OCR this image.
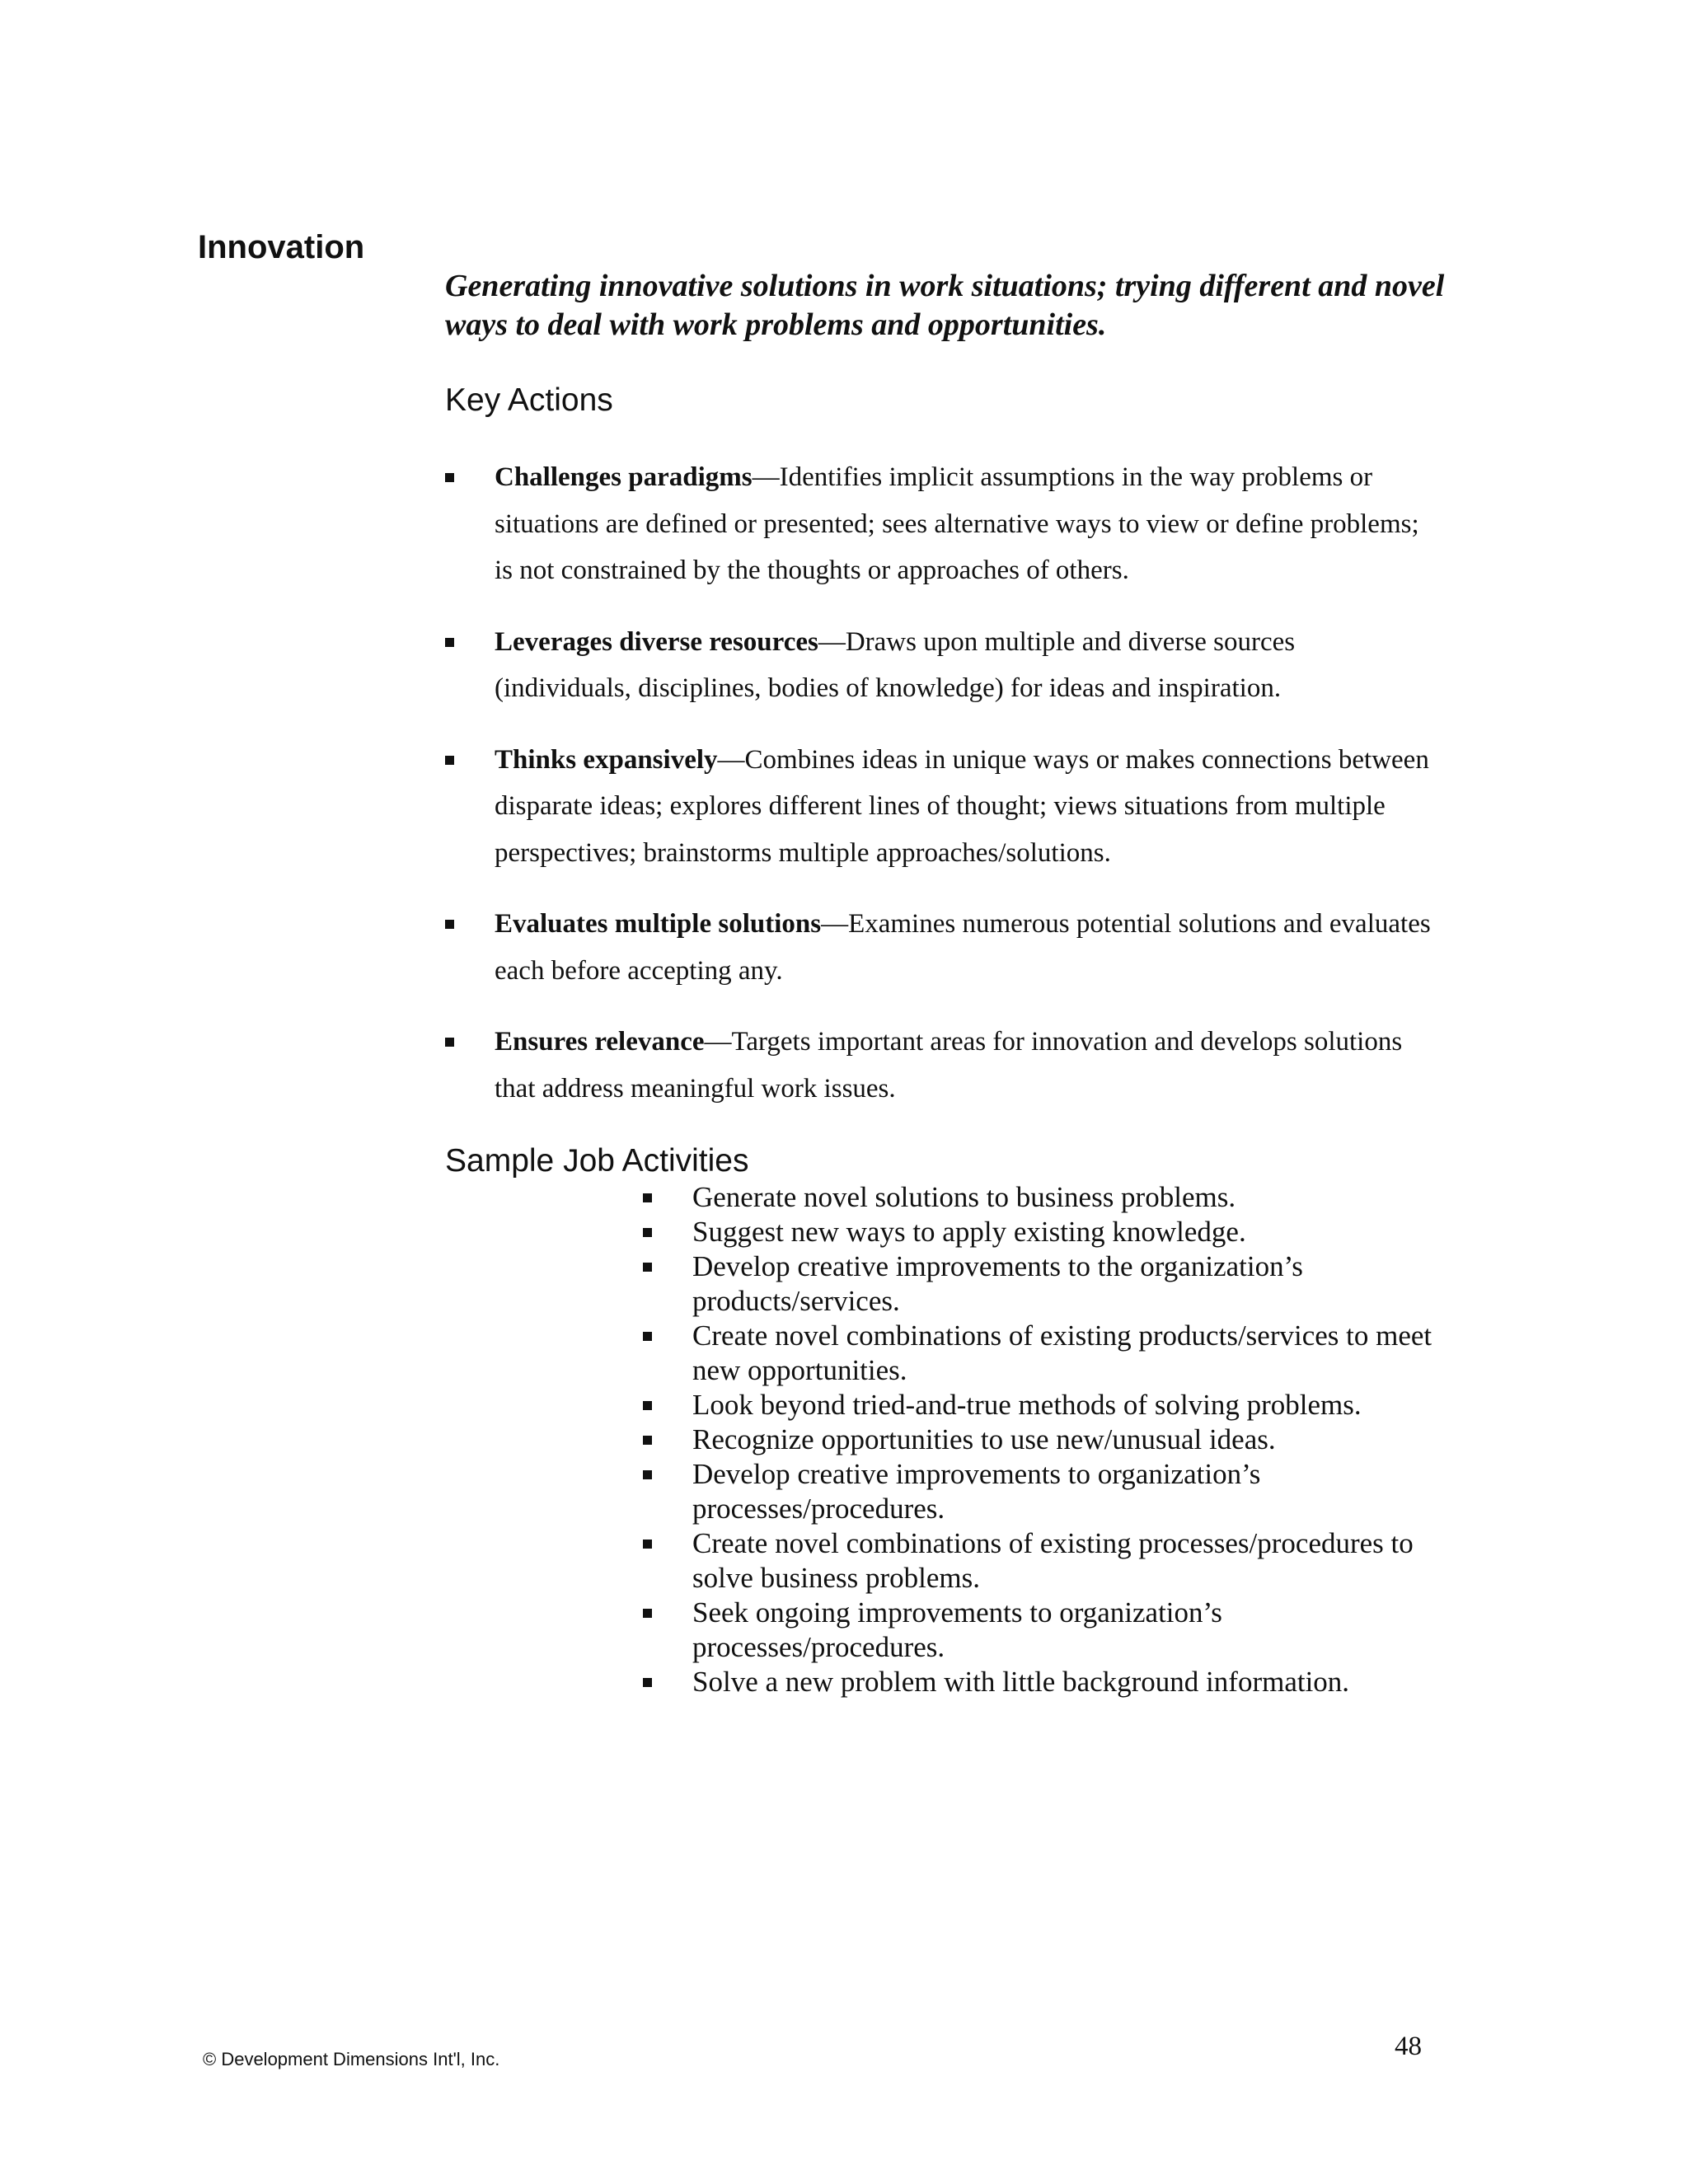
Innovation

Generating innovative solutions in work situations; trying different and novel ways to deal with work problems and opportunities.

Key Actions
Challenges paradigms—Identifies implicit assumptions in the way problems or situations are defined or presented; sees alternative ways to view or define problems; is not constrained by the thoughts or approaches of others.
Leverages diverse resources—Draws upon multiple and diverse sources (individuals, disciplines, bodies of knowledge) for ideas and inspiration.
Thinks expansively—Combines ideas in unique ways or makes connections between disparate ideas; explores different lines of thought; views situations from multiple perspectives; brainstorms multiple approaches/solutions.
Evaluates multiple solutions—Examines numerous potential solutions and evaluates each before accepting any.
Ensures relevance—Targets important areas for innovation and develops solutions that address meaningful work issues.
Sample Job Activities
Generate novel solutions to business problems.
Suggest new ways to apply existing knowledge.
Develop creative improvements to the organization’s products/services.
Create novel combinations of existing products/services to meet new opportunities.
Look beyond tried-and-true methods of solving problems.
Recognize opportunities to use new/unusual ideas.
Develop creative improvements to organization’s processes/procedures.
Create novel combinations of existing processes/procedures to solve business problems.
Seek ongoing improvements to organization’s processes/procedures.
Solve a new problem with little background information.
© Development Dimensions Int'l, Inc.	48
